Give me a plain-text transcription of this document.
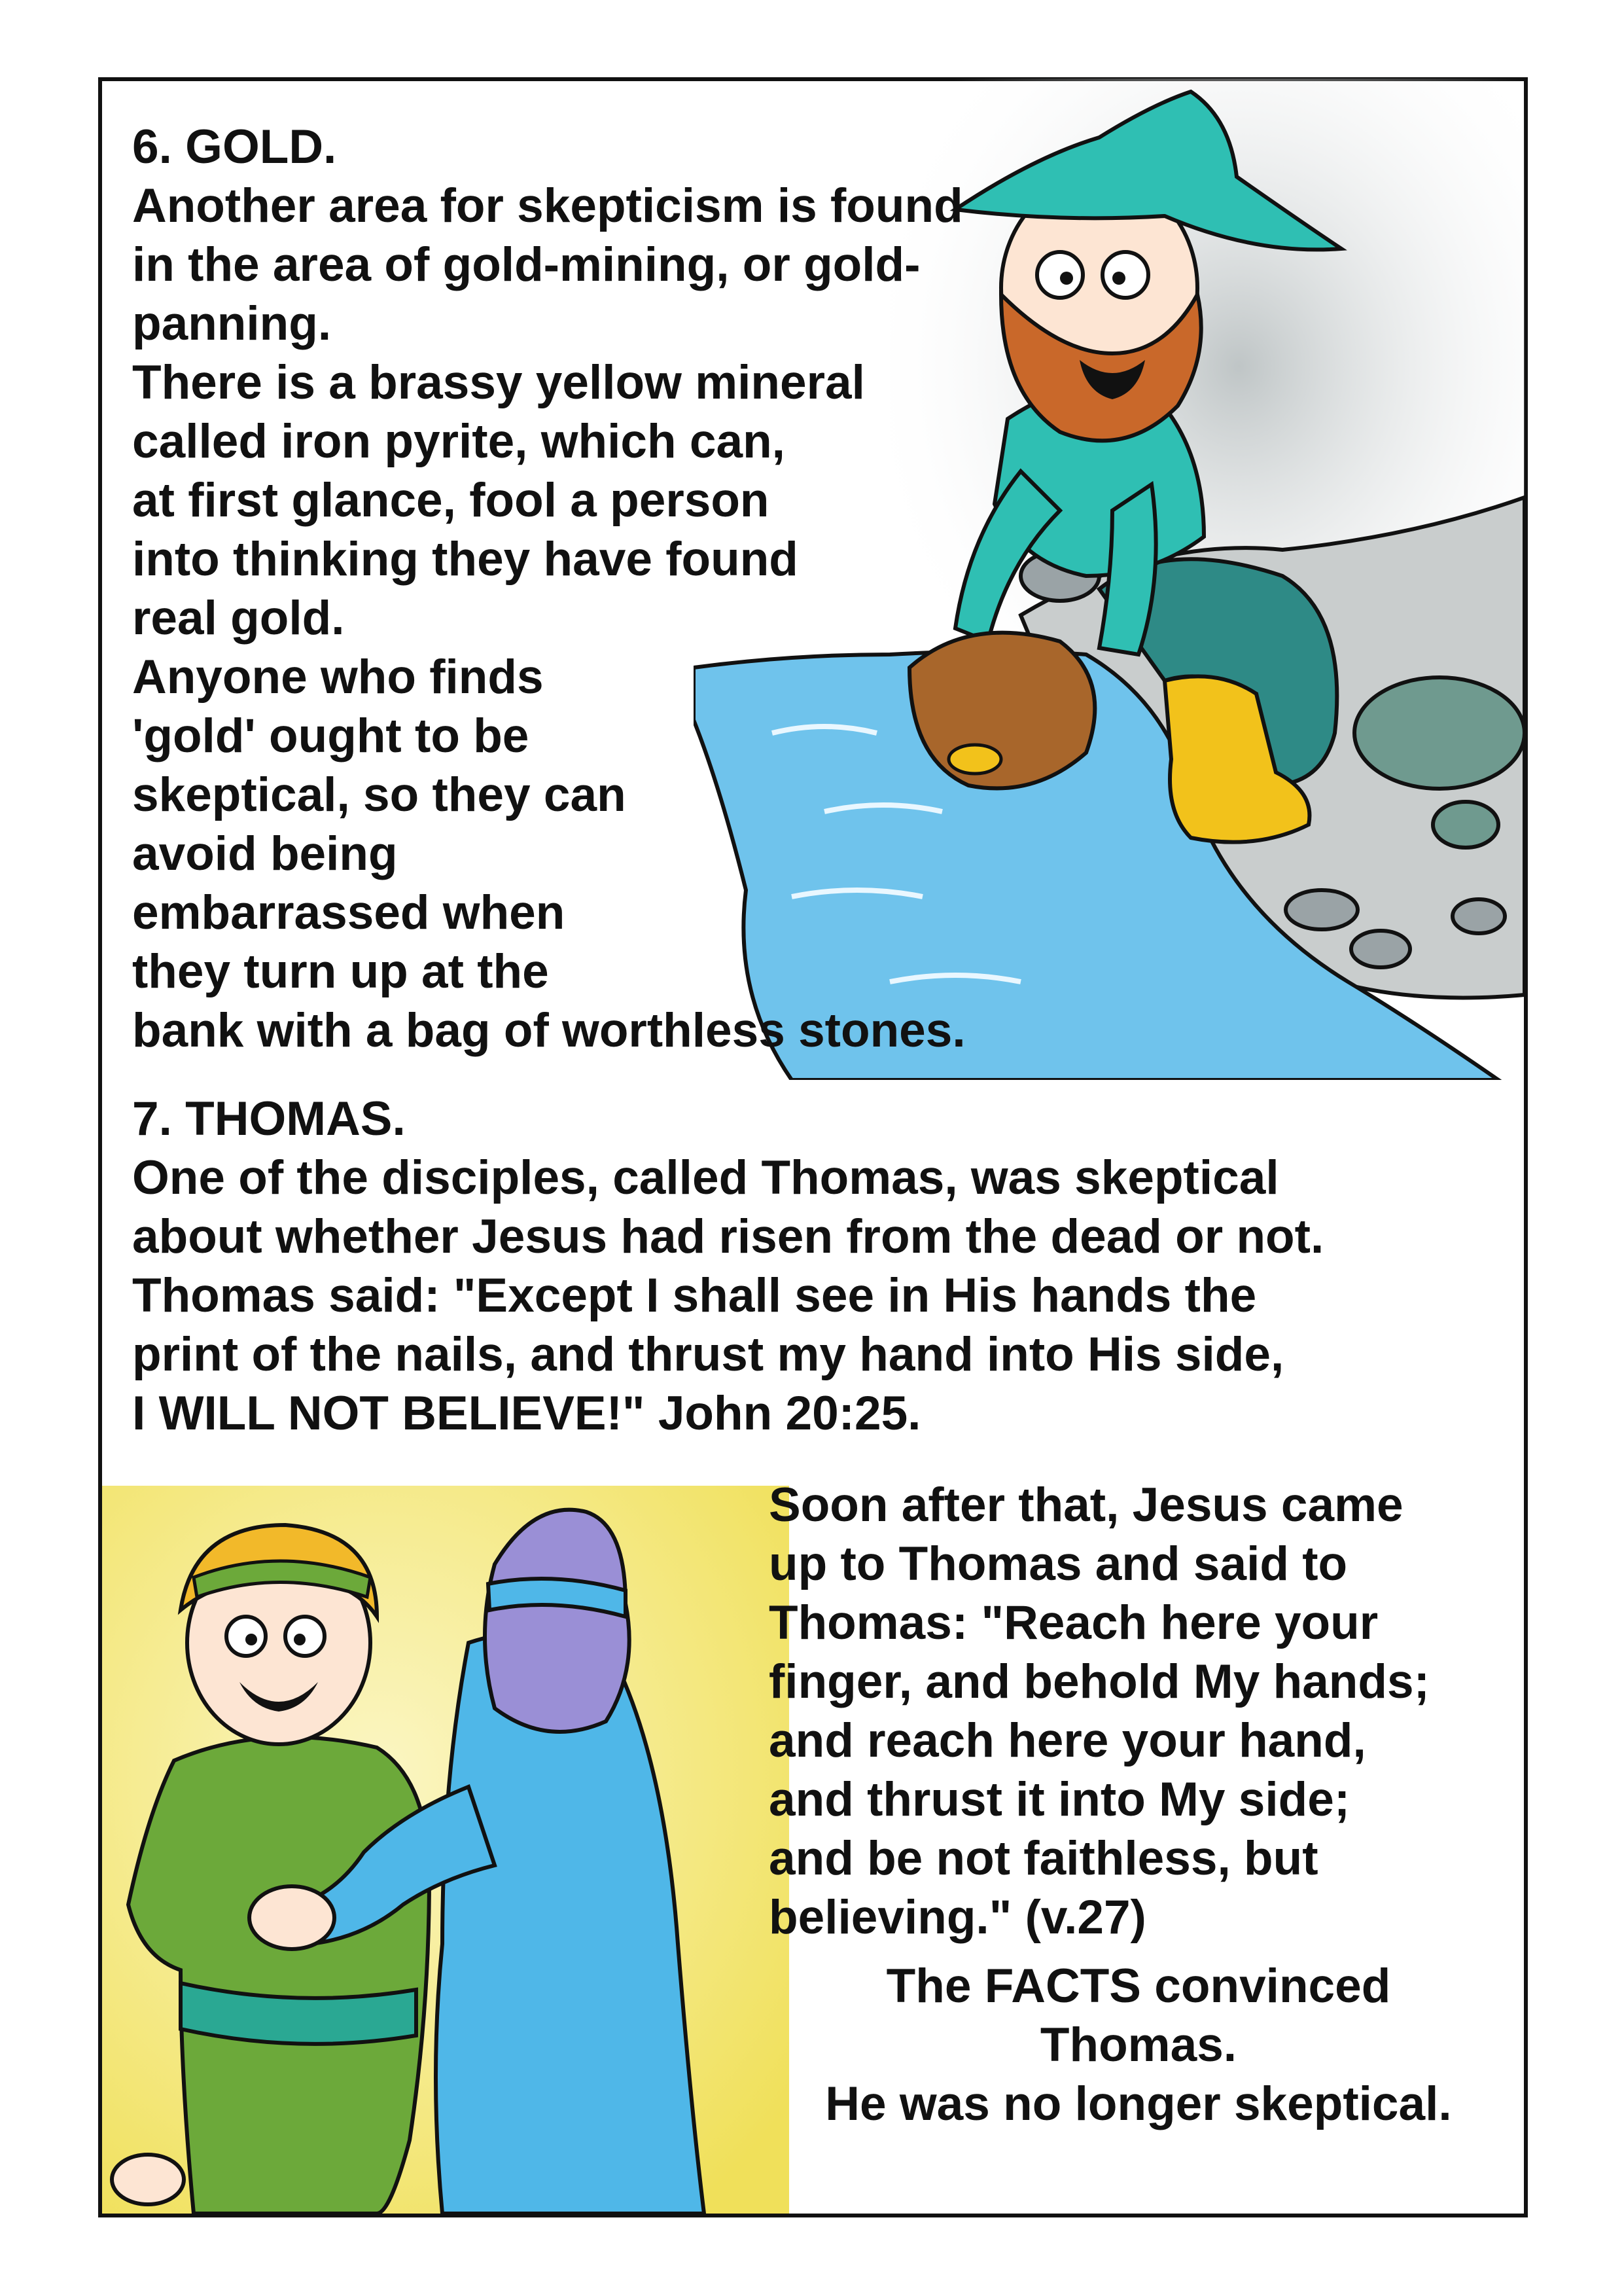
6. GOLD.
Another area for skepticism is found
in the area of gold-mining, or gold-
panning.
There is a brassy yellow mineral
called iron pyrite, which can,
at first glance, fool a person
into thinking they have found
real gold.
Anyone who finds
'gold' ought to be
skeptical, so they can
avoid being
embarrassed when
they turn up at the
bank with a bag of worthless stones.
7. THOMAS.
One of the disciples, called Thomas, was skeptical
about whether Jesus had risen from the dead or not.
Thomas said: "Except I shall see in His hands the
print of the nails, and thrust my hand into His side,
I WILL NOT BELIEVE!" John 20:25.
Soon after that, Jesus came
up to Thomas and said to
Thomas: "Reach here your
finger, and behold My hands;
and reach here your hand,
and thrust it into My side;
and be not faithless, but
believing." (v.27)
The FACTS convinced
Thomas.
He was no longer skeptical.
